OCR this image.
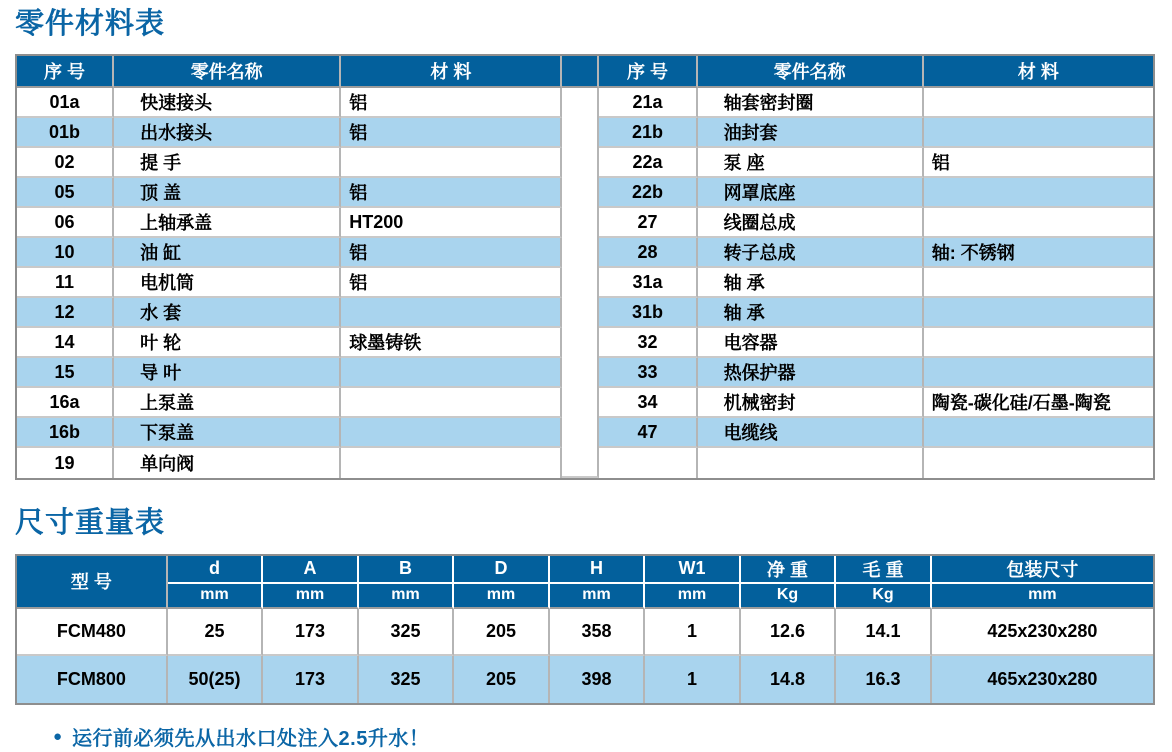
零件材料表
序 号	零件名称	材 料		序 号	零件名称	材 料
01a	快速接头	铝		21a	轴套密封圈	
01b	出水接头	铝		21b	油封套	
02	提 手			22a	泵 座	铝
05	顶 盖	铝		22b	网罩底座	
06	上轴承盖	HT200		27	线圈总成	
10	油 缸	铝		28	转子总成	轴: 不锈钢
11	电机筒	铝		31a	轴 承	
12	水 套			31b	轴 承	
14	叶 轮	球墨铸铁		32	电容器	
15	导 叶			33	热保护器	
16a	上泵盖			34	机械密封	陶瓷-碳化硅/石墨-陶瓷
16b	下泵盖			47	电缆线	
19	单向阀					
尺寸重量表
型 号	d	A	B	D	H	W1	净 重	毛 重	包装尺寸
	mm	mm	mm	mm	mm	mm	Kg	Kg	mm
FCM480	25	173	325	205	358	1	12.6	14.1	425x230x280
FCM800	50(25)	173	325	205	398	1	14.8	16.3	465x230x280
● 运行前必须先从出水口处注入2.5升水！
